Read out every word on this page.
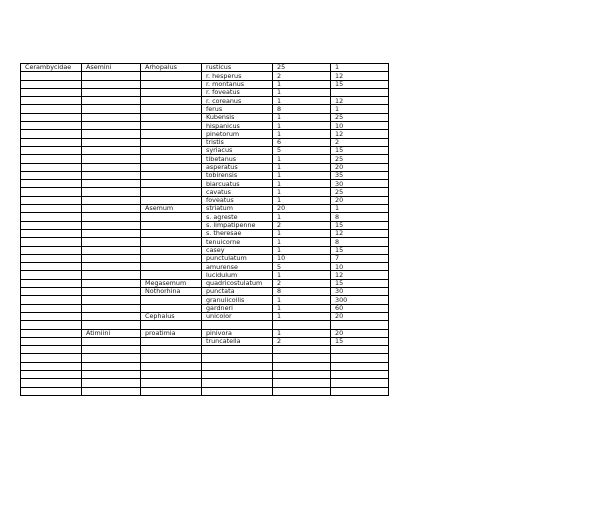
Cerambycidae	Asemini	Arhopalus	rusticus	25	1
			r. hesperus	2	12
			r. montanus	1	15
			r. foveatus	1	
			r. coreanus	1	12
			ferus	8	1
			Kubensis	1	25
			hispanicus	1	10
			pinetorum	1	12
			tristis	6	2
			syriacus	5	15
			tibetanus	1	25
			asperatus	1	20
			tobirensis	1	35
			biarcuatus	1	30
			cavatus	1	25
			foveatus	1	20
		Asemum	striatum	20	1
			s. agreste	1	8
			s. limpatipenne	2	15
			s. theresae	1	12
			tenuicorne	1	8
			casey	1	15
			punctulatum	10	7
			amurense	5	10
			lucidulum	1	12
		Megasemum	quadricostulatum	2	15
		Nothorhina	punctata	8	30
			granulicollis	1	300
			gardneri	1	60
		Cephalus	unicolor	1	20

	Atimiini	proatimia	pinivora	1	20
			truncatella	2	15
